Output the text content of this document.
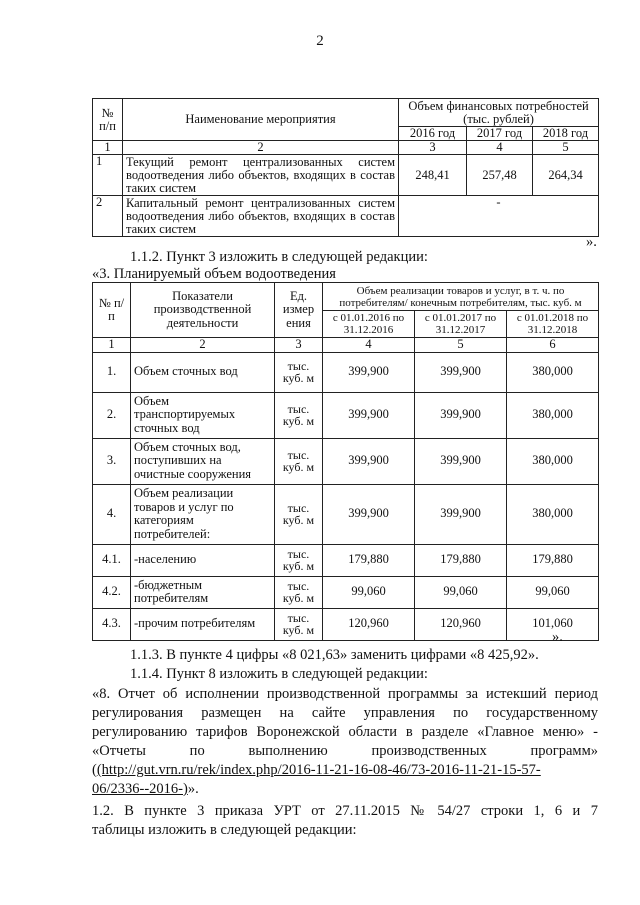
2
№ п/п	Наименование мероприятия	Объем финансовых потребностей (тыс. рублей)		
		2016 год	2017 год	2018 год
1	2	3	4	5
1	Текущий ремонт централизованных систем водоотведения либо объектов, входящих в состав таких систем	248,41	257,48	264,34
2	Капитальный ремонт централизованных систем водоотведения либо объектов, входящих в состав таких систем	-		
».
1.1.2. Пункт 3 изложить в следующей редакции:
«3. Планируемый объем водоотведения
№ п/п	Показатели производственной деятельности	Ед. измер ения	Объем реализации товаров и услуг, в т. ч. по потребителям/ конечным потребителям, тыс. куб. м		
			с 01.01.2016 по 31.12.2016	с 01.01.2017 по 31.12.2017	с 01.01.2018 по 31.12.2018
1	2	3	4	5	6
1.	Объем сточных вод	тыс. куб. м	399,900	399,900	380,000
2.	Объем транспортируемых сточных вод	тыс. куб. м	399,900	399,900	380,000
3.	Объем сточных вод, поступивших на очистные сооружения	тыс. куб. м	399,900	399,900	380,000
4.	Объем реализации товаров и услуг по категориям потребителей:	тыс. куб. м	399,900	399,900	380,000
4.1.	-населению	тыс. куб. м	179,880	179,880	179,880
4.2.	-бюджетным потребителям	тыс. куб. м	99,060	99,060	99,060
4.3.	-прочим потребителям	тыс. куб. м	120,960	120,960	101,060
».
1.1.3. В пункте 4 цифры «8 021,63» заменить цифрами «8 425,92».
1.1.4. Пункт 8 изложить в следующей редакции:
«8. Отчет об исполнении производственной программы за истекший период
регулирования размещен на сайте управления по государственному
регулированию тарифов Воронежской области в разделе «Главное меню» -
«Отчеты по выполнению производственных программ»
((http://gut.vrn.ru/rek/index.php/2016-11-21-16-08-46/73-2016-11-21-15-57-
06/2336--2016-)».
1.2. В пункте 3 приказа УРТ от 27.11.2015 № 54/27 строки 1, 6 и 7
таблицы изложить в следующей редакции:
